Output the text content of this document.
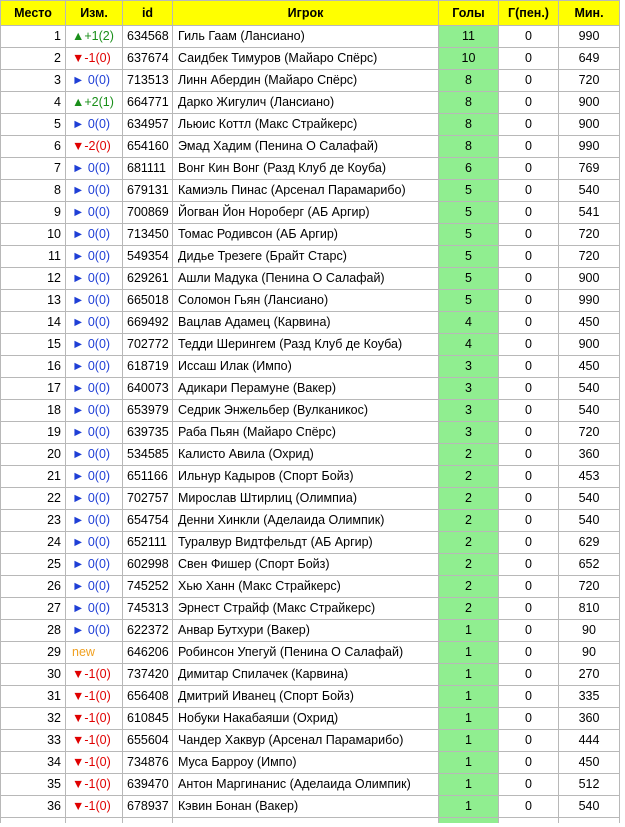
Место	Изм.	id	Игрок	Голы	Г(пен.)	Мин.
1	▲+1(2)	634568	Гиль Гаам (Лансиано)	11	0	990
2	▼-1(0)	637674	Саидбек Тимуров (Майаро Спёрс)	10	0	649
3	► 0(0)	713513	Линн Абердин (Майаро Спёрс)	8	0	720
4	▲+2(1)	664771	Дарко Жигулич (Лансиано)	8	0	900
5	► 0(0)	634957	Льюис Коттл (Макс Страйкерс)	8	0	900
6	▼-2(0)	654160	Эмад Хадим (Пенина О Салафай)	8	0	990
7	► 0(0)	681111	Вонг Кин Вонг (Разд Клуб де Коуба)	6	0	769
8	► 0(0)	679131	Камиэль Пинас (Арсенал Парамарибо)	5	0	540
9	► 0(0)	700869	Йогван Йон Нороберг (АБ Аргир)	5	0	541
10	► 0(0)	713450	Томас Родивсон (АБ Аргир)	5	0	720
11	► 0(0)	549354	Дидье Трезеге (Брайт Старс)	5	0	720
12	► 0(0)	629261	Ашли Мадука (Пенина О Салафай)	5	0	900
13	► 0(0)	665018	Соломон Гьян (Лансиано)	5	0	990
14	► 0(0)	669492	Вацлав Адамец (Карвина)	4	0	450
15	► 0(0)	702772	Тедди Шерингем (Разд Клуб де Коуба)	4	0	900
16	► 0(0)	618719	Иссаш Илак (Импо)	3	0	450
17	► 0(0)	640073	Адикари Перамуне (Вакер)	3	0	540
18	► 0(0)	653979	Седрик Энжельбер (Вулканикос)	3	0	540
19	► 0(0)	639735	Раба Пьян (Майаро Спёрс)	3	0	720
20	► 0(0)	534585	Калисто Авила (Охрид)	2	0	360
21	► 0(0)	651166	Ильнур Кадыров (Спорт Бойз)	2	0	453
22	► 0(0)	702757	Мирослав Штирлиц (Олимпиа)	2	0	540
23	► 0(0)	654754	Денни Хинкли (Аделаида Олимпик)	2	0	540
24	► 0(0)	652111	Туралвур Видтфельдт (АБ Аргир)	2	0	629
25	► 0(0)	602998	Свен Фишер (Спорт Бойз)	2	0	652
26	► 0(0)	745252	Хью Ханн (Макс Страйкерс)	2	0	720
27	► 0(0)	745313	Эрнест Страйф (Макс Страйкерс)	2	0	810
28	► 0(0)	622372	Анвар Бутхури (Вакер)	1	0	90
29	new	646206	Робинсон Упегуй (Пенина О Салафай)	1	0	90
30	▼-1(0)	737420	Димитар Спилачек (Карвина)	1	0	270
31	▼-1(0)	656408	Дмитрий Иванец (Спорт Бойз)	1	0	335
32	▼-1(0)	610845	Нобуки Накабаяши (Охрид)	1	0	360
33	▼-1(0)	655604	Чандер Хаквур (Арсенал Парамарибо)	1	0	444
34	▼-1(0)	734876	Муса Барроу (Импо)	1	0	450
35	▼-1(0)	639470	Антон Маргинанис (Аделаида Олимпик)	1	0	512
36	▼-1(0)	678937	Кэвин Бонан (Вакер)	1	0	540
